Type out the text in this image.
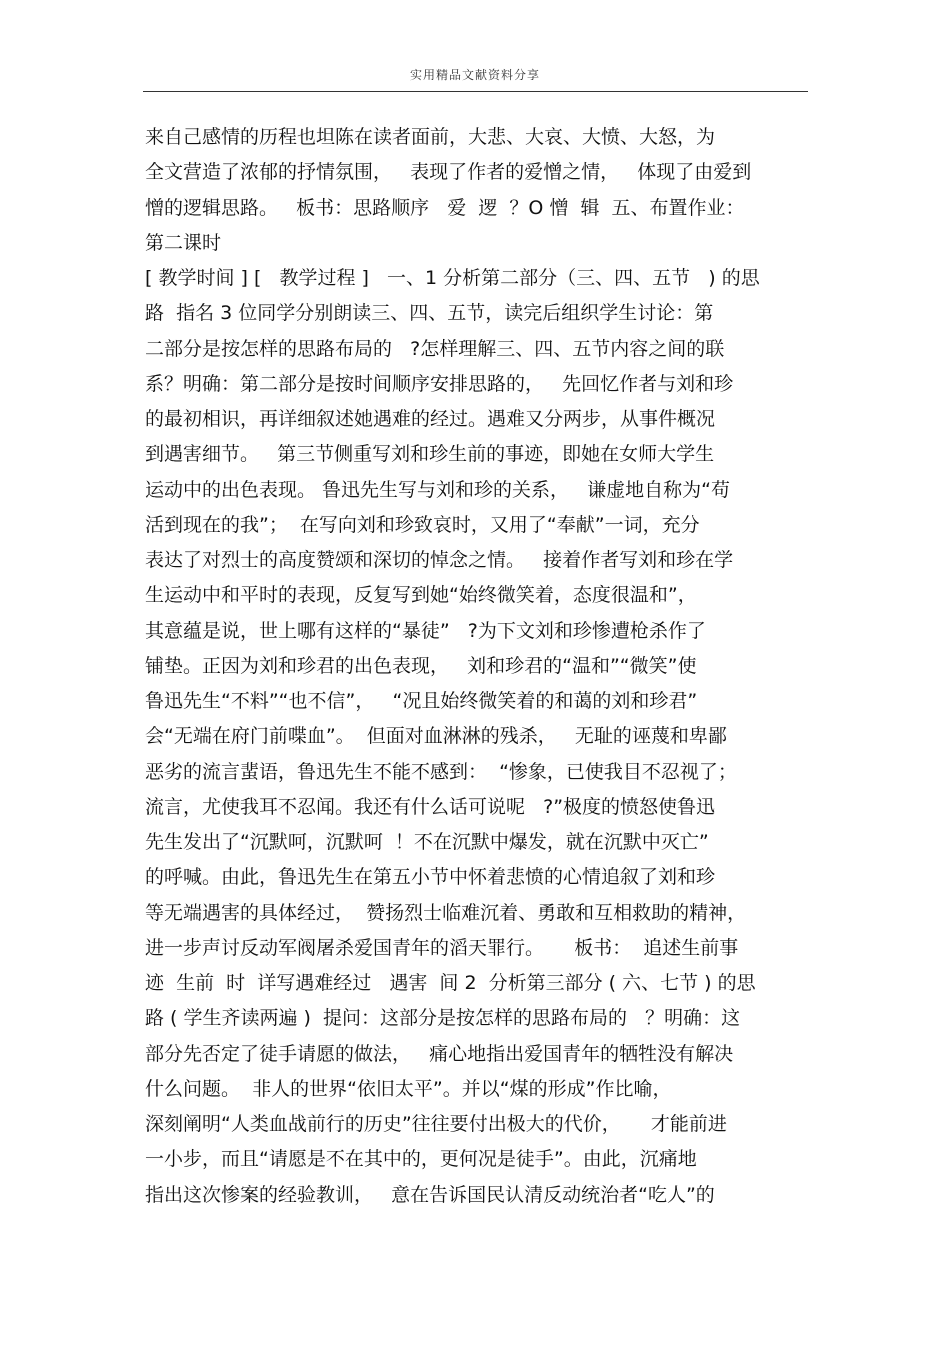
实用精品文献资料分享
来自己感情的历程也坦陈在读者面前，大悲、大哀、大愤、大怒，为
全文营造了浓郁的抒情氛围，   表现了作者的爱憎之情，   体现了由爱到
憎的逻辑思路。   板书：思路顺序   爱  逻  ？O 憎  辑  五、布置作业：
第二课时
[ 教学时间 ] [   教学过程 ]   一、1 分析第二部分（三、四、五节   ) 的思
路  指名 3 位同学分别朗读三、四、五节，读完后组织学生讨论：第
二部分是按怎样的思路布局的   ?怎样理解三、四、五节内容之间的联
系？明确：第二部分是按时间顺序安排思路的，   先回忆作者与刘和珍
的最初相识，再详细叙述她遇难的经过。遇难又分两步，从事件概况
到遇害细节。   第三节侧重写刘和珍生前的事迹，即她在女师大学生
运动中的出色表现。 鲁迅先生写与刘和珍的关系，   谦虚地自称为“苟
活到现在的我”；  在写向刘和珍致哀时，又用了“奉献”一词，充分
表达了对烈士的高度赞颂和深切的悼念之情。   接着作者写刘和珍在学
生运动中和平时的表现，反复写到她“始终微笑着，态度很温和”，
其意蕴是说，世上哪有这样的“暴徒”   ?为下文刘和珍惨遭枪杀作了
铺垫。正因为刘和珍君的出色表现，   刘和珍君的“温和”“微笑”使
鲁迅先生“不料”“也不信”，   “况且始终微笑着的和蔼的刘和珍君”
会“无端在府门前喋血”。  但面对血淋淋的残杀，   无耻的诬蔑和卑鄙
恶劣的流言蜚语，鲁迅先生不能不感到：  “惨象，已使我目不忍视了；
流言，尤使我耳不忍闻。我还有什么话可说呢   ?”极度的愤怒使鲁迅
先生发出了“沉默呵，沉默呵  ！不在沉默中爆发，就在沉默中灭亡”
的呼喊。由此，鲁迅先生在第五小节中怀着悲愤的心情追叙了刘和珍
等无端遇害的具体经过，  赞扬烈士临难沉着、勇敢和互相救助的精神，
进一步声讨反动军阀屠杀爱国青年的滔天罪行。     板书：  追述生前事
迹  生前  时  详写遇难经过   遇害  间 2  分析第三部分 ( 六、七节 ) 的思
路 ( 学生齐读两遍 )  提问：这部分是按怎样的思路布局的   ？明确：这
部分先否定了徒手请愿的做法，   痛心地指出爱国青年的牺牲没有解决
什么问题。  非人的世界“依旧太平”。并以“煤的形成”作比喻，
深刻阐明“人类血战前行的历史”往往要付出极大的代价，     才能前进
一小步，而且“请愿是不在其中的，更何况是徒手”。由此，沉痛地
指出这次惨案的经验教训，   意在告诉国民认清反动统治者“吃人”的
